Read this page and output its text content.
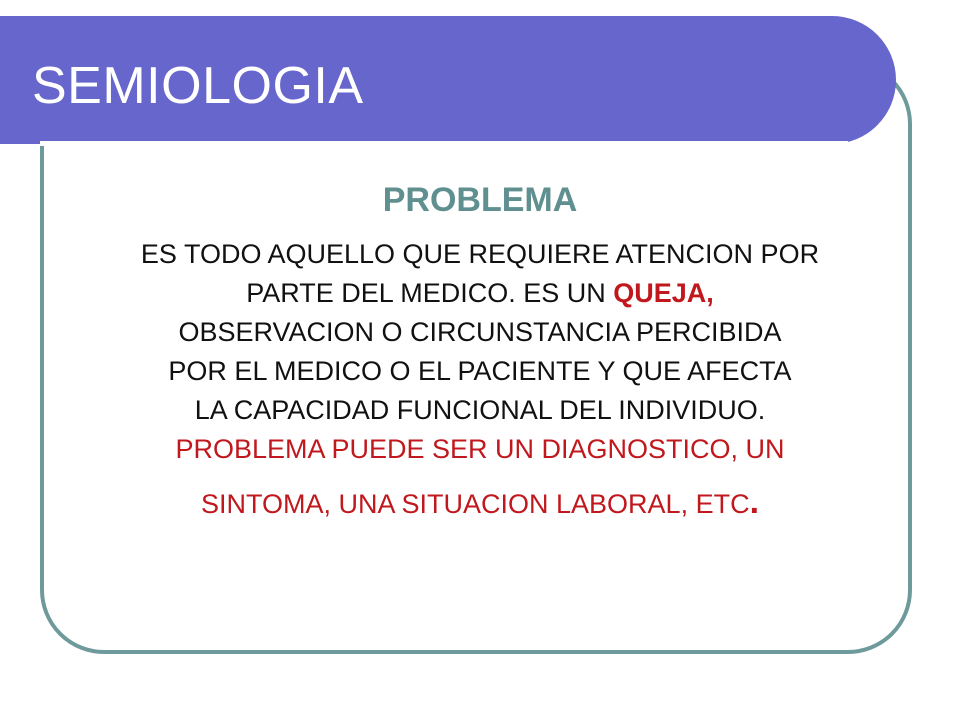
SEMIOLOGIA
PROBLEMA
ES TODO AQUELLO QUE REQUIERE ATENCION POR
PARTE DEL MEDICO. ES UN QUEJA,
OBSERVACION O CIRCUNSTANCIA PERCIBIDA
POR EL MEDICO O EL PACIENTE Y QUE AFECTA
LA CAPACIDAD FUNCIONAL DEL INDIVIDUO.
PROBLEMA PUEDE SER UN DIAGNOSTICO, UN
SINTOMA, UNA SITUACION LABORAL, ETC.
